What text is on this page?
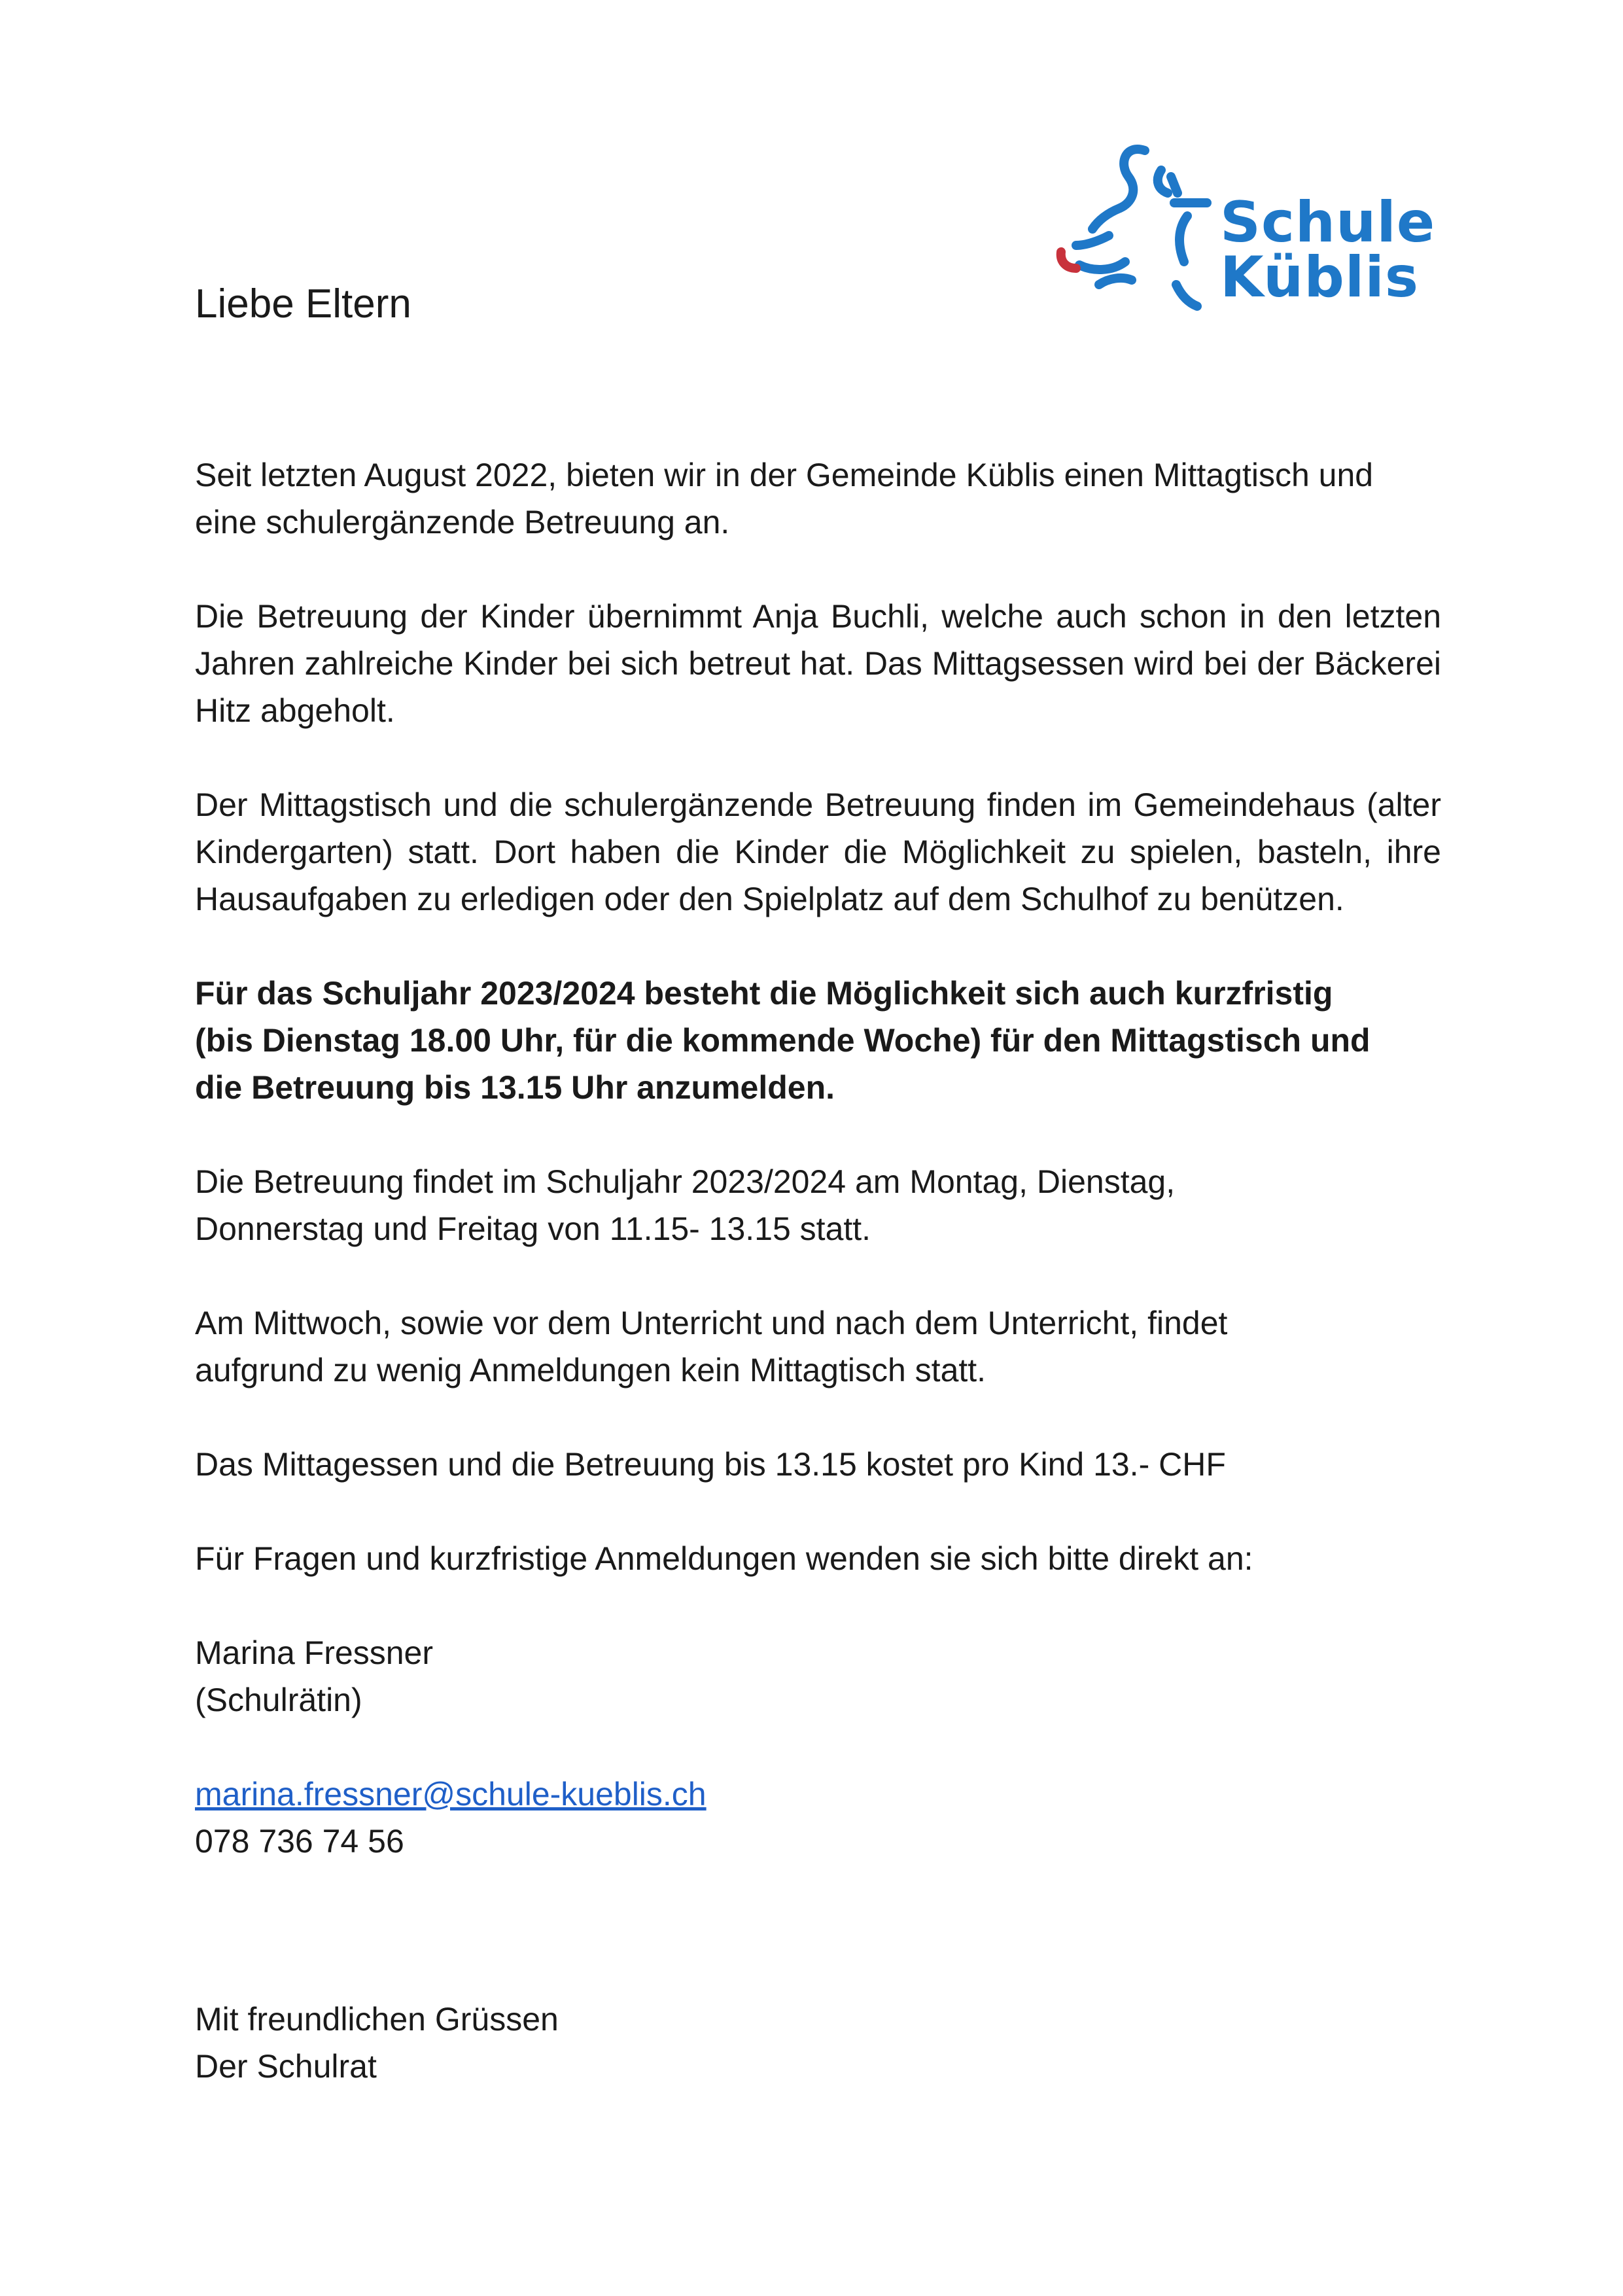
Schule
Küblis
Liebe Eltern

Seit letzten August 2022, bieten wir in der Gemeinde Küblis einen Mittagtisch und eine schulergänzende Betreuung an.

Die Betreuung der Kinder übernimmt Anja Buchli, welche auch schon in den letzten Jahren zahlreiche Kinder bei sich betreut hat. Das Mittagsessen wird bei der Bäckerei Hitz abgeholt.

Der Mittagstisch und die schulergänzende Betreuung finden im Gemeindehaus (alter Kindergarten) statt. Dort haben die Kinder die Möglichkeit zu spielen, basteln, ihre Hausaufgaben zu erledigen oder den Spielplatz auf dem Schulhof zu benützen.

Für das Schuljahr 2023/2024 besteht die Möglichkeit sich auch kurzfristig
(bis Dienstag 18.00 Uhr, für die kommende Woche) für den Mittagstisch und
die Betreuung bis 13.15 Uhr anzumelden.

Die Betreuung findet im Schuljahr 2023/2024 am Montag, Dienstag,
Donnerstag und Freitag von 11.15- 13.15 statt.

Am Mittwoch, sowie vor dem Unterricht und nach dem Unterricht, findet
aufgrund zu wenig Anmeldungen kein Mittagtisch statt.

Das Mittagessen und die Betreuung bis 13.15 kostet pro Kind 13.- CHF

Für Fragen und kurzfristige Anmeldungen wenden sie sich bitte direkt an:

Marina Fressner
(Schulrätin)

marina.fressner@schule-kueblis.ch
078 736 74 56

Mit freundlichen Grüssen
Der Schulrat
